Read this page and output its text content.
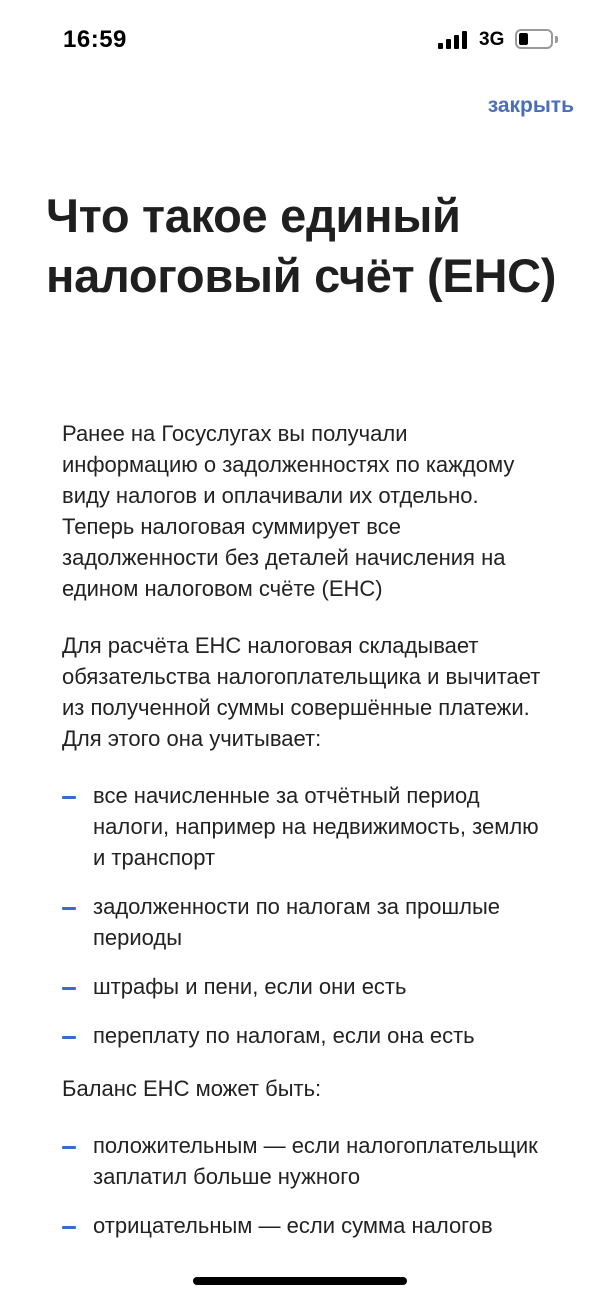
16:59	3G
закрыть
Что такое единый налоговый счёт (ЕНС)

Ранее на Госуслугах вы получали информацию о задолженностях по каждому виду налогов и оплачивали их отдельно. Теперь налоговая суммирует все задолженности без деталей начисления на едином налоговом счёте (ЕНС)

Для расчёта ЕНС налоговая складывает обязательства налогоплательщика и вычитает из полученной суммы совершённые платежи. Для этого она учитывает:

все начисленные за отчётный период налоги, например на недвижимость, землю и транспорт
задолженности по налогам за прошлые периоды
штрафы и пени, если они есть
переплату по налогам, если она есть

Баланс ЕНС может быть:

положительным — если налогоплательщик заплатил больше нужного
отрицательным — если сумма налогов
